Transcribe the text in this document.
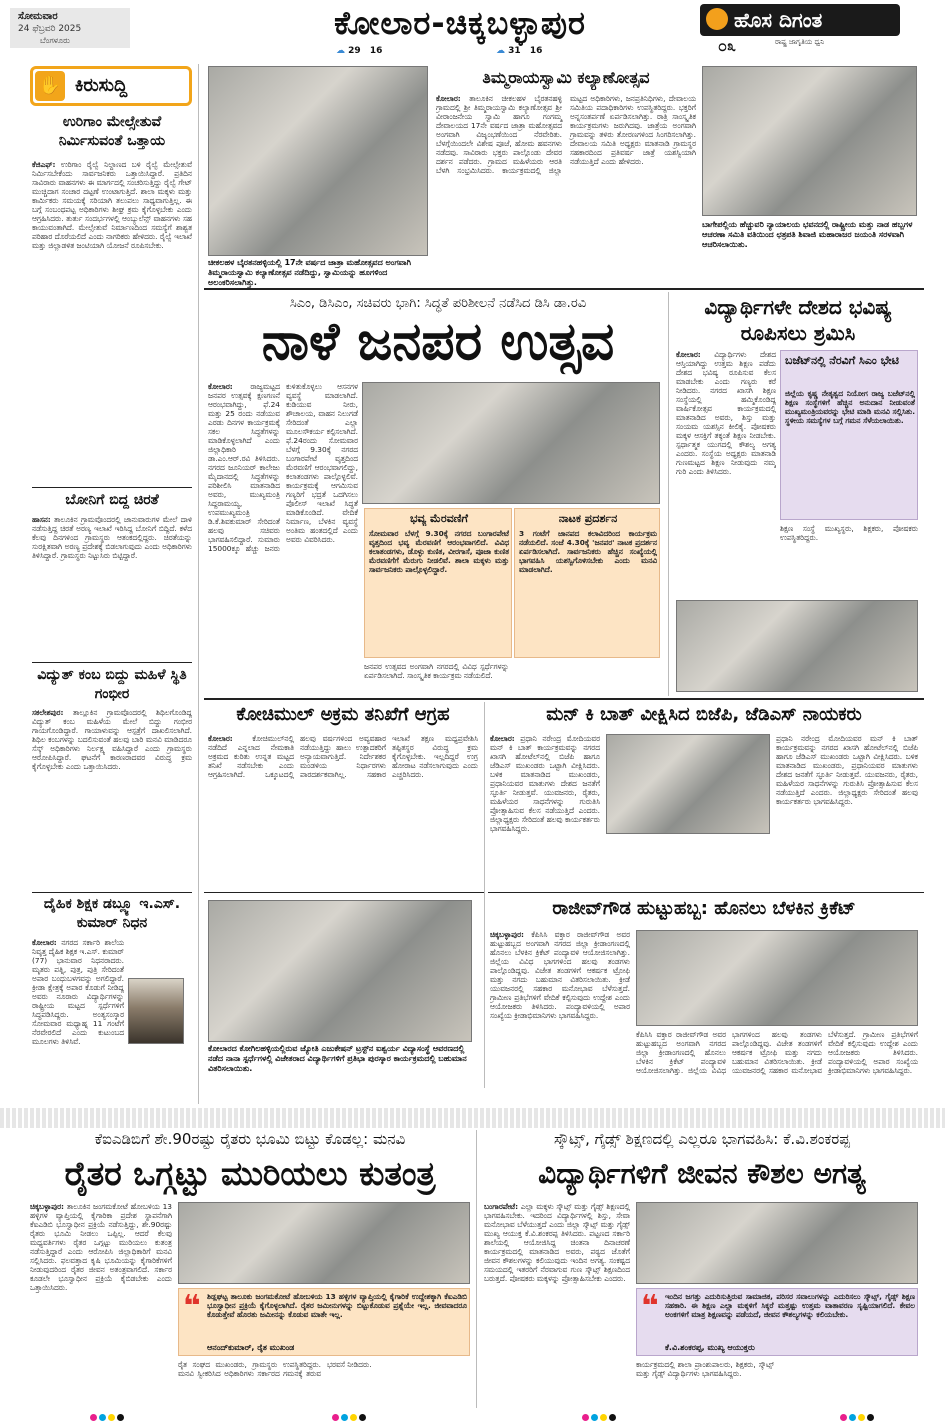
ಸೋಮವಾರ
24 ಫೆಬ್ರವರಿ 2025
ಬೆಂಗಳೂರು	ಕೋಲಾರ-ಚಿಕ್ಕಬಳ್ಳಾಪುರ
☁ 29 16	☁ 31 16
ಹೊಸ ದಿಗಂತ
ರಾಷ್ಟ್ರ ಜಾಗೃತಿಯ ಧ್ವನಿ
೦೩
✋ ಕಿರುಸುದ್ದಿ
ಉರಿಗಾಂ ಮೇಲ್ಸೇತುವೆ ನಿರ್ಮಿಸುವಂತೆ ಒತ್ತಾಯ
ಕೆಜಿಎಫ್: ಉರಿಗಾಂ ರೈಲ್ವೆ ನಿಲ್ದಾಣದ ಬಳಿ ರೈಲ್ವೆ ಮೇಲ್ಸೇತುವೆ ನಿರ್ಮಿಸಬೇಕೆಂದು ಸಾರ್ವಜನಿಕರು ಒತ್ತಾಯಿಸಿದ್ದಾರೆ. ಪ್ರತಿದಿನ ಸಾವಿರಾರು ವಾಹನಗಳು ಈ ಮಾರ್ಗದಲ್ಲಿ ಸಂಚರಿಸುತ್ತಿದ್ದು ರೈಲ್ವೆ ಗೇಟ್ ಮುಚ್ಚಿದಾಗ ಸಂಚಾರ ದಟ್ಟಣೆ ಉಂಟಾಗುತ್ತಿದೆ. ಶಾಲಾ ಮಕ್ಕಳು ಮತ್ತು ಕಾರ್ಮಿಕರು ಸಮಯಕ್ಕೆ ಸರಿಯಾಗಿ ತಲುಪಲು ಸಾಧ್ಯವಾಗುತ್ತಿಲ್ಲ. ಈ ಬಗ್ಗೆ ಸಂಬಂಧಪಟ್ಟ ಅಧಿಕಾರಿಗಳು ಶೀಘ್ರ ಕ್ರಮ ಕೈಗೊಳ್ಳಬೇಕು ಎಂದು ಆಗ್ರಹಿಸಿದರು. ತುರ್ತು ಸಂದರ್ಭಗಳಲ್ಲಿ ಆಂಬ್ಯುಲೆನ್ಸ್ ವಾಹನಗಳು ಸಹ ಕಾಯುವಂತಾಗಿದೆ. ಮೇಲ್ಸೇತುವೆ ನಿರ್ಮಾಣದಿಂದ ಸಮಸ್ಯೆಗೆ ಶಾಶ್ವತ ಪರಿಹಾರ ದೊರೆಯಲಿದೆ ಎಂದು ನಾಗರಿಕರು ಹೇಳಿದರು. ರೈಲ್ವೆ ಇಲಾಖೆ ಮತ್ತು ಜಿಲ್ಲಾಡಳಿತ ಜಂಟಿಯಾಗಿ ಯೋಜನೆ ರೂಪಿಸಬೇಕು.
ಬೋನಿಗೆ ಬಿದ್ದ ಚಿರತೆ
ಹಾಸನ: ತಾಲೂಕಿನ ಗ್ರಾಮವೊಂದರಲ್ಲಿ ಜಾನುವಾರುಗಳ ಮೇಲೆ ದಾಳಿ ನಡೆಸುತ್ತಿದ್ದ ಚಿರತೆ ಅರಣ್ಯ ಇಲಾಖೆ ಇರಿಸಿದ್ದ ಬೋನಿಗೆ ಬಿದ್ದಿದೆ. ಕಳೆದ ಕೆಲವು ದಿನಗಳಿಂದ ಗ್ರಾಮಸ್ಥರು ಆತಂಕದಲ್ಲಿದ್ದರು. ಚಿರತೆಯನ್ನು ಸುರಕ್ಷಿತವಾಗಿ ಅರಣ್ಯ ಪ್ರದೇಶಕ್ಕೆ ಬಿಡಲಾಗುವುದು ಎಂದು ಅಧಿಕಾರಿಗಳು ತಿಳಿಸಿದ್ದಾರೆ. ಗ್ರಾಮಸ್ಥರು ನಿಟ್ಟುಸಿರು ಬಿಟ್ಟಿದ್ದಾರೆ.
ವಿದ್ಯುತ್ ಕಂಬ ಬಿದ್ದು ಮಹಿಳೆ ಸ್ಥಿತಿ ಗಂಭೀರ
ಸಕಲೇಶಪುರ: ತಾಲ್ಲೂಕಿನ ಗ್ರಾಮವೊಂದರಲ್ಲಿ ಶಿಥಿಲಗೊಂಡಿದ್ದ ವಿದ್ಯುತ್ ಕಂಬ ಮಹಿಳೆಯ ಮೇಲೆ ಬಿದ್ದು ಗಂಭೀರ ಗಾಯಗೊಂಡಿದ್ದಾರೆ. ಗಾಯಾಳುವನ್ನು ಆಸ್ಪತ್ರೆಗೆ ದಾಖಲಿಸಲಾಗಿದೆ. ಶಿಥಿಲ ಕಂಬಗಳನ್ನು ಬದಲಿಸುವಂತೆ ಹಲವು ಬಾರಿ ಮನವಿ ಮಾಡಿದರೂ ಸೆಸ್ಕ್ ಅಧಿಕಾರಿಗಳು ನಿರ್ಲಕ್ಷ್ಯ ವಹಿಸಿದ್ದಾರೆ ಎಂದು ಗ್ರಾಮಸ್ಥರು ಆರೋಪಿಸಿದ್ದಾರೆ. ಘಟನೆಗೆ ಕಾರಣರಾದವರ ವಿರುದ್ಧ ಕ್ರಮ ಕೈಗೊಳ್ಳಬೇಕು ಎಂದು ಒತ್ತಾಯಿಸಿದರು.
ದೈಹಿಕ ಶಿಕ್ಷಕ ಡಬ್ಲ್ಯೂ ಇ.ಎಸ್. ಕುಮಾರ್ ನಿಧನ
ಕೋಲಾರ: ನಗರದ ಸರ್ಕಾರಿ ಶಾಲೆಯ ನಿವೃತ್ತ ದೈಹಿಕ ಶಿಕ್ಷಕ ಇ.ಎಸ್. ಕುಮಾರ್ (77) ಭಾನುವಾರ ನಿಧನರಾದರು. ಮೃತರು ಪತ್ನಿ, ಪುತ್ರ, ಪುತ್ರಿ ಸೇರಿದಂತೆ ಅಪಾರ ಬಂಧುಬಳಗವನ್ನು ಅಗಲಿದ್ದಾರೆ. ಕ್ರೀಡಾ ಕ್ಷೇತ್ರಕ್ಕೆ ಅಪಾರ ಕೊಡುಗೆ ನೀಡಿದ್ದ ಅವರು ನೂರಾರು ವಿದ್ಯಾರ್ಥಿಗಳನ್ನು ರಾಷ್ಟ್ರೀಯ ಮಟ್ಟದ ಸ್ಪರ್ಧೆಗಳಿಗೆ ಸಿದ್ಧಪಡಿಸಿದ್ದರು. ಅಂತ್ಯಸಂಸ್ಕಾರ ಸೋಮವಾರ ಮಧ್ಯಾಹ್ನ 11 ಗಂಟೆಗೆ ನೆರವೇರಲಿದೆ ಎಂದು ಕುಟುಂಬದ ಮೂಲಗಳು ತಿಳಿಸಿವೆ.
ಚೀಕಲಹಳ ಬೈರತನಹಳ್ಳಿಯಲ್ಲಿ 17ನೇ ವರ್ಷದ ಜಾತ್ರಾ ಮಹೋತ್ಸವದ ಅಂಗವಾಗಿ ತಿಮ್ಮರಾಯಸ್ವಾಮಿ ಕಲ್ಯಾಣೋತ್ಸವ ನಡೆದಿದ್ದು, ಸ್ವಾಮಿಯನ್ನು ಹೂಗಳಿಂದ ಅಲಂಕರಿಸಲಾಗಿತ್ತು.
ತಿಮ್ಮರಾಯಸ್ವಾಮಿ ಕಲ್ಯಾಣೋತ್ಸವ
ಕೋಲಾರ: ತಾಲೂಕಿನ ಚೀಕಲಹಳ ಬೈರತನಹಳ್ಳಿ ಗ್ರಾಮದಲ್ಲಿ ಶ್ರೀ ತಿಮ್ಮರಾಯಸ್ವಾಮಿ ಕಲ್ಯಾಣೋತ್ಸವ ಶ್ರೀ ವೀರಾಂಜನೇಯ ಸ್ವಾಮಿ ಹಾಗೂ ಗಂಗಮ್ಮ ದೇವಾಲಯದ 17ನೇ ವರ್ಷದ ಜಾತ್ರಾ ಮಹೋತ್ಸವದ ಅಂಗವಾಗಿ ವಿಜೃಂಭಣೆಯಿಂದ ನೆರವೇರಿತು. ಬೆಳಗ್ಗೆಯಿಂದಲೇ ವಿಶೇಷ ಪೂಜೆ, ಹೋಮ ಹವನಗಳು ನಡೆದವು. ಸಾವಿರಾರು ಭಕ್ತರು ಪಾಲ್ಗೊಂಡು ದೇವರ ದರ್ಶನ ಪಡೆದರು. ಗ್ರಾಮದ ಮಹಿಳೆಯರು ಆರತಿ ಬೆಳಗಿ ಸಂಭ್ರಮಿಸಿದರು. ಕಾರ್ಯಕ್ರಮದಲ್ಲಿ ಜಿಲ್ಲಾ ಮಟ್ಟದ ಅಧಿಕಾರಿಗಳು, ಜನಪ್ರತಿನಿಧಿಗಳು, ದೇವಾಲಯ ಸಮಿತಿಯ ಪದಾಧಿಕಾರಿಗಳು ಉಪಸ್ಥಿತರಿದ್ದರು. ಭಕ್ತರಿಗೆ ಅನ್ನಸಂತರ್ಪಣೆ ಏರ್ಪಡಿಸಲಾಗಿತ್ತು. ರಾತ್ರಿ ಸಾಂಸ್ಕೃತಿಕ ಕಾರ್ಯಕ್ರಮಗಳು ಜರುಗಿದವು. ಜಾತ್ರೆಯ ಅಂಗವಾಗಿ ಗ್ರಾಮವನ್ನು ತಳಿರು ತೋರಣಗಳಿಂದ ಸಿಂಗರಿಸಲಾಗಿತ್ತು. ದೇವಾಲಯ ಸಮಿತಿ ಅಧ್ಯಕ್ಷರು ಮಾತನಾಡಿ ಗ್ರಾಮಸ್ಥರ ಸಹಕಾರದಿಂದ ಪ್ರತಿವರ್ಷ ಜಾತ್ರೆ ಯಶಸ್ವಿಯಾಗಿ ನಡೆಯುತ್ತಿದೆ ಎಂದು ಹೇಳಿದರು.
ಬಾಗೇಪಲ್ಲಿಯ ಹೆಚ್ಚುವರಿ ನ್ಯಾಯಾಲಯ ಭವನದಲ್ಲಿ ರಾಷ್ಟ್ರೀಯ ಮತ್ತು ನಾಡ ಹಬ್ಬಗಳ ಆಚರಣಾ ಸಮಿತಿ ವತಿಯಿಂದ ಛತ್ರಪತಿ ಶಿವಾಜಿ ಮಹಾರಾಜರ ಜಯಂತಿ ಸರಳವಾಗಿ ಆಚರಿಸಲಾಯಿತು.
ಸಿಎಂ, ಡಿಸಿಎಂ, ಸಚಿವರು ಭಾಗಿ: ಸಿದ್ಧತೆ ಪರಿಶೀಲನೆ ನಡೆಸಿದ ಡಿಸಿ ಡಾ.ರವಿ
ನಾಳೆ ಜನಪರ ಉತ್ಸವ
ಕೋಲಾರ: ರಾಜ್ಯಮಟ್ಟದ ಜನಪರ ಉತ್ಸವಕ್ಕೆ ಕ್ಷಣಗಣನೆ ಆರಂಭವಾಗಿದ್ದು, ಫೆ.24 ಮತ್ತು 25 ರಂದು ನಡೆಯುವ ಎರಡು ದಿನಗಳ ಕಾರ್ಯಕ್ರಮಕ್ಕೆ ಸಕಲ ಸಿದ್ಧತೆಗಳನ್ನು ಮಾಡಿಕೊಳ್ಳಲಾಗಿದೆ ಎಂದು ಜಿಲ್ಲಾಧಿಕಾರಿ ಡಾ.ಎಂ.ಆರ್.ರವಿ ತಿಳಿಸಿದರು. ನಗರದ ಜೂನಿಯರ್ ಕಾಲೇಜು ಮೈದಾನದಲ್ಲಿ ಸಿದ್ಧತೆಗಳನ್ನು ಪರಿಶೀಲಿಸಿ ಮಾತನಾಡಿದ ಅವರು, ಮುಖ್ಯಮಂತ್ರಿ ಸಿದ್ದರಾಮಯ್ಯ, ಉಪಮುಖ್ಯಮಂತ್ರಿ ಡಿ.ಕೆ.ಶಿವಕುಮಾರ್ ಸೇರಿದಂತೆ ಹಲವು ಸಚಿವರು ಭಾಗವಹಿಸಲಿದ್ದಾರೆ. ಸುಮಾರು 15000ಕ್ಕೂ ಹೆಚ್ಚು ಜನರು ಕುಳಿತುಕೊಳ್ಳಲು ಆಸನಗಳ ವ್ಯವಸ್ಥೆ ಮಾಡಲಾಗಿದೆ. ಕುಡಿಯುವ ನೀರು, ಶೌಚಾಲಯ, ವಾಹನ ನಿಲುಗಡೆ ಸೇರಿದಂತೆ ಎಲ್ಲಾ ಮೂಲಸೌಕರ್ಯ ಕಲ್ಪಿಸಲಾಗಿದೆ. ಫೆ.24ರಂದು ಸೋಮವಾರ ಬೆಳಗ್ಗೆ 9.30ಕ್ಕೆ ನಗರದ ಬಂಗಾರಪೇಟೆ ವೃತ್ತದಿಂದ ಮೆರವಣಿಗೆ ಆರಂಭವಾಗಲಿದ್ದು, ಕಲಾತಂಡಗಳು ಪಾಲ್ಗೊಳ್ಳಲಿವೆ. ಕಾರ್ಯಕ್ರಮಕ್ಕೆ ಆಗಮಿಸುವ ಗಣ್ಯರಿಗೆ ಭದ್ರತೆ ಒದಗಿಸಲು ಪೊಲೀಸ್ ಇಲಾಖೆ ಸಿದ್ಧತೆ ಮಾಡಿಕೊಂಡಿದೆ. ವೇದಿಕೆ ನಿರ್ಮಾಣ, ಬೆಳಕಿನ ವ್ಯವಸ್ಥೆ ಅಂತಿಮ ಹಂತದಲ್ಲಿದೆ ಎಂದು ಅವರು ವಿವರಿಸಿದರು.
ಭವ್ಯ ಮೆರವಣಿಗೆ
ಸೋಮವಾರ ಬೆಳಗ್ಗೆ 9.30ಕ್ಕೆ ನಗರದ ಬಂಗಾರಪೇಟೆ ವೃತ್ತದಿಂದ ಭವ್ಯ ಮೆರವಣಿಗೆ ಆರಂಭವಾಗಲಿದೆ. ವಿವಿಧ ಕಲಾತಂಡಗಳು, ಡೊಳ್ಳು ಕುಣಿತ, ವೀರಗಾಸೆ, ಪೂಜಾ ಕುಣಿತ ಮೆರವಣಿಗೆಗೆ ಮೆರುಗು ನೀಡಲಿವೆ. ಶಾಲಾ ಮಕ್ಕಳು ಮತ್ತು ಸಾರ್ವಜನಿಕರು ಪಾಲ್ಗೊಳ್ಳಲಿದ್ದಾರೆ.
ನಾಟಕ ಪ್ರದರ್ಶನ
3 ಗಂಟೆಗೆ ಜಾನಪದ ಕಲಾವಿದರಿಂದ ಕಾರ್ಯಕ್ರಮ ನಡೆಯಲಿದೆ. ಸಂಜೆ 4.30ಕ್ಕೆ 'ಜನಪರ' ನಾಟಕ ಪ್ರದರ್ಶನ ಏರ್ಪಡಿಸಲಾಗಿದೆ. ಸಾರ್ವಜನಿಕರು ಹೆಚ್ಚಿನ ಸಂಖ್ಯೆಯಲ್ಲಿ ಭಾಗವಹಿಸಿ ಯಶಸ್ವಿಗೊಳಿಸಬೇಕು ಎಂದು ಮನವಿ ಮಾಡಲಾಗಿದೆ.
ಜನಪರ ಉತ್ಸವದ ಅಂಗವಾಗಿ ನಗರದಲ್ಲಿ ವಿವಿಧ ಸ್ಪರ್ಧೆಗಳನ್ನು ಏರ್ಪಡಿಸಲಾಗಿದೆ. ಸಾಂಸ್ಕೃತಿಕ ಕಾರ್ಯಕ್ರಮ ನಡೆಯಲಿದೆ.
ವಿದ್ಯಾರ್ಥಿಗಳೇ ದೇಶದ ಭವಿಷ್ಯ ರೂಪಿಸಲು ಶ್ರಮಿಸಿ
ಕೋಲಾರ: ವಿದ್ಯಾರ್ಥಿಗಳು ದೇಶದ ಆಸ್ತಿಯಾಗಿದ್ದು ಉತ್ತಮ ಶಿಕ್ಷಣ ಪಡೆದು ದೇಶದ ಭವಿಷ್ಯ ರೂಪಿಸುವ ಕೆಲಸ ಮಾಡಬೇಕು ಎಂದು ಗಣ್ಯರು ಕರೆ ನೀಡಿದರು. ನಗರದ ಖಾಸಗಿ ಶಿಕ್ಷಣ ಸಂಸ್ಥೆಯಲ್ಲಿ ಹಮ್ಮಿಕೊಂಡಿದ್ದ ವಾರ್ಷಿಕೋತ್ಸವ ಕಾರ್ಯಕ್ರಮದಲ್ಲಿ ಮಾತನಾಡಿದ ಅವರು, ಶಿಸ್ತು ಮತ್ತು ಸಂಯಮ ಯಶಸ್ಸಿನ ಕೀಲಿಕೈ. ಪೋಷಕರು ಮಕ್ಕಳ ಆಸಕ್ತಿಗೆ ತಕ್ಕಂತೆ ಶಿಕ್ಷಣ ನೀಡಬೇಕು. ಸ್ಪರ್ಧಾತ್ಮಕ ಯುಗದಲ್ಲಿ ಕೌಶಲ್ಯ ಅಗತ್ಯ ಎಂದರು. ಸಂಸ್ಥೆಯ ಅಧ್ಯಕ್ಷರು ಮಾತನಾಡಿ ಗುಣಮಟ್ಟದ ಶಿಕ್ಷಣ ನೀಡುವುದು ನಮ್ಮ ಗುರಿ ಎಂದು ತಿಳಿಸಿದರು.
ಬಜೆಟ್‌ನಲ್ಲಿ ನೆರವಿಗೆ ಸಿಎಂ ಭೇಟಿ
ಜಿಲ್ಲೆಯ ಕೃಷ್ಣ ನೇತೃತ್ವದ ನಿಯೋಗ ರಾಜ್ಯ ಬಜೆಟ್‌ನಲ್ಲಿ ಶಿಕ್ಷಣ ಸಂಸ್ಥೆಗಳಿಗೆ ಹೆಚ್ಚಿನ ಅನುದಾನ ನೀಡುವಂತೆ ಮುಖ್ಯಮಂತ್ರಿಯವರನ್ನು ಭೇಟಿ ಮಾಡಿ ಮನವಿ ಸಲ್ಲಿಸಿತು. ಸ್ಥಳೀಯ ಸಮಸ್ಯೆಗಳ ಬಗ್ಗೆ ಗಮನ ಸೆಳೆಯಲಾಯಿತು.
ಶಿಕ್ಷಣ ಸಂಸ್ಥೆ ಮುಖ್ಯಸ್ಥರು, ಶಿಕ್ಷಕರು, ಪೋಷಕರು ಉಪಸ್ಥಿತರಿದ್ದರು.
ಕೋಚಿಮುಲ್ ಅಕ್ರಮ ತನಿಖೆಗೆ ಆಗ್ರಹ
ಕೋಲಾರ:	ಕೋಚಿಮುಲ್‌ನಲ್ಲಿ ನಡೆದಿದೆ ಎನ್ನಲಾದ ನೇಮಕಾತಿ ಅಕ್ರಮದ ಕುರಿತು ಉನ್ನತ ಮಟ್ಟದ ತನಿಖೆ ನಡೆಸಬೇಕು ಎಂದು ಆಗ್ರಹಿಸಲಾಗಿದೆ. ಒಕ್ಕೂಟದಲ್ಲಿ ಹಲವು ವರ್ಷಗಳಿಂದ ಅವ್ಯವಹಾರ ನಡೆಯುತ್ತಿದ್ದು ಹಾಲು ಉತ್ಪಾದಕರಿಗೆ ಅನ್ಯಾಯವಾಗುತ್ತಿದೆ. ನಿರ್ದೇಶಕರ ಮಂಡಳಿಯ ನಿರ್ಧಾರಗಳು ಪಾರದರ್ಶಕವಾಗಿಲ್ಲ. ಸಹಕಾರ ಇಲಾಖೆ ತಕ್ಷಣ ಮಧ್ಯಪ್ರವೇಶಿಸಿ ತಪ್ಪಿತಸ್ಥರ ವಿರುದ್ಧ ಕ್ರಮ ಕೈಗೊಳ್ಳಬೇಕು. ಇಲ್ಲದಿದ್ದರೆ ಉಗ್ರ ಹೋರಾಟ ನಡೆಸಲಾಗುವುದು ಎಂದು ಎಚ್ಚರಿಸಿದರು.
ಮನ್ ಕಿ ಬಾತ್ ವೀಕ್ಷಿಸಿದ ಬಿಜೆಪಿ, ಜೆಡಿಎಸ್ ನಾಯಕರು
ಕೋಲಾರ: ಪ್ರಧಾನಿ ನರೇಂದ್ರ ಮೋದಿಯವರ ಮನ್ ಕಿ ಬಾತ್ ಕಾರ್ಯಕ್ರಮವನ್ನು ನಗರದ ಖಾಸಗಿ ಹೋಟೆಲ್‌ನಲ್ಲಿ ಬಿಜೆಪಿ ಹಾಗೂ ಜೆಡಿಎಸ್ ಮುಖಂಡರು ಒಟ್ಟಾಗಿ ವೀಕ್ಷಿಸಿದರು. ಬಳಿಕ ಮಾತನಾಡಿದ ಮುಖಂಡರು, ಪ್ರಧಾನಿಯವರ ಮಾತುಗಳು ದೇಶದ ಜನತೆಗೆ ಸ್ಫೂರ್ತಿ ನೀಡುತ್ತವೆ. ಯುವಜನರು, ರೈತರು, ಮಹಿಳೆಯರ ಸಾಧನೆಗಳನ್ನು ಗುರುತಿಸಿ ಪ್ರೋತ್ಸಾಹಿಸುವ ಕೆಲಸ ನಡೆಯುತ್ತಿದೆ ಎಂದರು. ಜಿಲ್ಲಾಧ್ಯಕ್ಷರು ಸೇರಿದಂತೆ ಹಲವು ಕಾರ್ಯಕರ್ತರು ಭಾಗವಹಿಸಿದ್ದರು.
ಪ್ರಧಾನಿ ನರೇಂದ್ರ ಮೋದಿಯವರ ಮನ್ ಕಿ ಬಾತ್ ಕಾರ್ಯಕ್ರಮವನ್ನು ನಗರದ ಖಾಸಗಿ ಹೋಟೆಲ್‌ನಲ್ಲಿ ಬಿಜೆಪಿ ಹಾಗೂ ಜೆಡಿಎಸ್ ಮುಖಂಡರು ಒಟ್ಟಾಗಿ ವೀಕ್ಷಿಸಿದರು. ಬಳಿಕ ಮಾತನಾಡಿದ ಮುಖಂಡರು, ಪ್ರಧಾನಿಯವರ ಮಾತುಗಳು ದೇಶದ ಜನತೆಗೆ ಸ್ಫೂರ್ತಿ ನೀಡುತ್ತವೆ. ಯುವಜನರು, ರೈತರು, ಮಹಿಳೆಯರ ಸಾಧನೆಗಳನ್ನು ಗುರುತಿಸಿ ಪ್ರೋತ್ಸಾಹಿಸುವ ಕೆಲಸ ನಡೆಯುತ್ತಿದೆ ಎಂದರು. ಜಿಲ್ಲಾಧ್ಯಕ್ಷರು ಸೇರಿದಂತೆ ಹಲವು ಕಾರ್ಯಕರ್ತರು ಭಾಗವಹಿಸಿದ್ದರು.
ಕೋಲಾರದ ಕೋಗಿಲಹಳ್ಳಿಯಲ್ಲಿರುವ ಜ್ಯೋತಿ ಎಜುಕೇಷನ್ ಟ್ರಸ್ಟ್‌ನ ಐಶ್ವರ್ಯ ವಿದ್ಯಾಸಂಸ್ಥೆ ಆವರಣದಲ್ಲಿ ನಡೆದ ನಾನಾ ಸ್ಪರ್ಧೆಗಳಲ್ಲಿ ವಿಜೇತರಾದ ವಿದ್ಯಾರ್ಥಿಗಳಿಗೆ ಪ್ರತಿಭಾ ಪುರಸ್ಕಾರ ಕಾರ್ಯಕ್ರಮದಲ್ಲಿ ಬಹುಮಾನ ವಿತರಿಸಲಾಯಿತು.
ರಾಜೀವ್‌ಗೌಡ ಹುಟ್ಟುಹಬ್ಬ: ಹೊನಲು ಬೆಳಕಿನ ಕ್ರಿಕೆಟ್
ಚಿಕ್ಕಬಳ್ಳಾಪುರ: ಕೆಪಿಸಿಸಿ ವಕ್ತಾರ ರಾಜೀವ್‌ಗೌಡ ಅವರ ಹುಟ್ಟುಹಬ್ಬದ ಅಂಗವಾಗಿ ನಗರದ ಜಿಲ್ಲಾ ಕ್ರೀಡಾಂಗಣದಲ್ಲಿ ಹೊನಲು ಬೆಳಕಿನ ಕ್ರಿಕೆಟ್ ಪಂದ್ಯಾವಳಿ ಆಯೋಜಿಸಲಾಗಿತ್ತು. ಜಿಲ್ಲೆಯ ವಿವಿಧ ಭಾಗಗಳಿಂದ ಹಲವು ತಂಡಗಳು ಪಾಲ್ಗೊಂಡಿದ್ದವು. ವಿಜೇತ ತಂಡಗಳಿಗೆ ಆಕರ್ಷಕ ಟ್ರೋಫಿ ಮತ್ತು ನಗದು ಬಹುಮಾನ ವಿತರಿಸಲಾಯಿತು. ಕ್ರೀಡೆ ಯುವಜನರಲ್ಲಿ ಸಹಕಾರ ಮನೋಭಾವ ಬೆಳೆಸುತ್ತದೆ. ಗ್ರಾಮೀಣ ಪ್ರತಿಭೆಗಳಿಗೆ ವೇದಿಕೆ ಕಲ್ಪಿಸುವುದು ಉದ್ದೇಶ ಎಂದು ಆಯೋಜಕರು ತಿಳಿಸಿದರು. ಪಂದ್ಯಾವಳಿಯಲ್ಲಿ ಅಪಾರ ಸಂಖ್ಯೆಯ ಕ್ರೀಡಾಭಿಮಾನಿಗಳು ಭಾಗವಹಿಸಿದ್ದರು.
ಕೆಪಿಸಿಸಿ ವಕ್ತಾರ ರಾಜೀವ್‌ಗೌಡ ಅವರ ಹುಟ್ಟುಹಬ್ಬದ ಅಂಗವಾಗಿ ನಗರದ ಜಿಲ್ಲಾ ಕ್ರೀಡಾಂಗಣದಲ್ಲಿ ಹೊನಲು ಬೆಳಕಿನ ಕ್ರಿಕೆಟ್ ಪಂದ್ಯಾವಳಿ ಆಯೋಜಿಸಲಾಗಿತ್ತು. ಜಿಲ್ಲೆಯ ವಿವಿಧ ಭಾಗಗಳಿಂದ ಹಲವು ತಂಡಗಳು ಪಾಲ್ಗೊಂಡಿದ್ದವು. ವಿಜೇತ ತಂಡಗಳಿಗೆ ಆಕರ್ಷಕ ಟ್ರೋಫಿ ಮತ್ತು ನಗದು ಬಹುಮಾನ ವಿತರಿಸಲಾಯಿತು. ಕ್ರೀಡೆ ಯುವಜನರಲ್ಲಿ ಸಹಕಾರ ಮನೋಭಾವ ಬೆಳೆಸುತ್ತದೆ. ಗ್ರಾಮೀಣ ಪ್ರತಿಭೆಗಳಿಗೆ ವೇದಿಕೆ ಕಲ್ಪಿಸುವುದು ಉದ್ದೇಶ ಎಂದು ಆಯೋಜಕರು ತಿಳಿಸಿದರು. ಪಂದ್ಯಾವಳಿಯಲ್ಲಿ ಅಪಾರ ಸಂಖ್ಯೆಯ ಕ್ರೀಡಾಭಿಮಾನಿಗಳು ಭಾಗವಹಿಸಿದ್ದರು.
ಕೆಐಎಡಿಬಿಗೆ ಶೇ.90ರಷ್ಟು ರೈತರು ಭೂಮಿ ಬಿಟ್ಟು ಕೊಡಲ್ಲ: ಮನವಿ
ರೈತರ ಒಗ್ಗಟ್ಟು ಮುರಿಯಲು ಕುತಂತ್ರ
ಚಿಕ್ಕಬಳ್ಳಾಪುರ: ತಾಲೂಕಿನ ಜಂಗಮಕೋಟೆ ಹೋಬಳಿಯ 13 ಹಳ್ಳಿಗಳ ವ್ಯಾಪ್ತಿಯಲ್ಲಿ ಕೈಗಾರಿಕಾ ಪ್ರದೇಶ ಸ್ಥಾಪನೆಗಾಗಿ ಕೆಐಎಡಿಬಿ ಭೂಸ್ವಾಧೀನ ಪ್ರಕ್ರಿಯೆ ನಡೆಸುತ್ತಿದ್ದು, ಶೇ.90ರಷ್ಟು ರೈತರು ಭೂಮಿ ನೀಡಲು ಒಪ್ಪಿಲ್ಲ. ಆದರೆ ಕೆಲವು ಮಧ್ಯವರ್ತಿಗಳು ರೈತರ ಒಗ್ಗಟ್ಟು ಮುರಿಯಲು ಕುತಂತ್ರ ನಡೆಸುತ್ತಿದ್ದಾರೆ ಎಂದು ಆರೋಪಿಸಿ ಜಿಲ್ಲಾಧಿಕಾರಿಗೆ ಮನವಿ ಸಲ್ಲಿಸಿದರು. ಫಲವತ್ತಾದ ಕೃಷಿ ಭೂಮಿಯನ್ನು ಕೈಗಾರಿಕೆಗಳಿಗೆ ನೀಡುವುದರಿಂದ ರೈತರ ಜೀವನ ಅತಂತ್ರವಾಗಲಿದೆ. ಸರ್ಕಾರ ಕೂಡಲೇ ಭೂಸ್ವಾಧೀನ ಪ್ರಕ್ರಿಯೆ ಕೈಬಿಡಬೇಕು ಎಂದು ಒತ್ತಾಯಿಸಿದರು.
❝ ಶಿಡ್ಲಘಟ್ಟ ತಾಲೂಕು ಜಂಗಮಕೋಟೆ ಹೋಬಳಿಯ 13 ಹಳ್ಳಿಗಳ ವ್ಯಾಪ್ತಿಯಲ್ಲಿ ಕೈಗಾರಿಕೆ ಉದ್ದೇಶಕ್ಕಾಗಿ ಕೆಐಎಡಿಬಿ ಭೂಸ್ವಾಧೀನ ಪ್ರಕ್ರಿಯೆ ಕೈಗೊಳ್ಳಲಾಗಿದೆ. ರೈತರ ಜಮೀನುಗಳನ್ನು ಬಿಟ್ಟುಕೊಡುವ ಪ್ರಶ್ನೆಯೇ ಇಲ್ಲ. ಜೀವವಾದರೂ ಕೊಡುತ್ತೇವೆ ಹೊರತು ಜಮೀನನ್ನು ಕೊಡುವ ಮಾತೇ ಇಲ್ಲ.
ಆನಂದ್‌ಕುಮಾರ್, ರೈತ ಮುಖಂಡ
ರೈತ ಸಂಘದ ಮುಖಂಡರು, ಗ್ರಾಮಸ್ಥರು ಉಪಸ್ಥಿತರಿದ್ದರು. ಮನವಿ ಸ್ವೀಕರಿಸಿದ ಅಧಿಕಾರಿಗಳು ಸರ್ಕಾರದ ಗಮನಕ್ಕೆ ತರುವ ಭರವಸೆ ನೀಡಿದರು.
ಸ್ಕೌಟ್ಸ್, ಗೈಡ್ಸ್ ಶಿಕ್ಷಣದಲ್ಲಿ ಎಲ್ಲರೂ ಭಾಗವಹಿಸಿ: ಕೆ.ವಿ.ಶಂಕರಪ್ಪ
ವಿದ್ಯಾರ್ಥಿಗಳಿಗೆ ಜೀವನ ಕೌಶಲ ಅಗತ್ಯ
ಬಂಗಾರಪೇಟೆ: ಎಲ್ಲಾ ಮಕ್ಕಳು ಸ್ಕೌಟ್ಸ್ ಮತ್ತು ಗೈಡ್ಸ್ ಶಿಕ್ಷಣದಲ್ಲಿ ಭಾಗವಹಿಸಬೇಕು. ಇದರಿಂದ ವಿದ್ಯಾರ್ಥಿಗಳಲ್ಲಿ ಶಿಸ್ತು, ಸೇವಾ ಮನೋಭಾವ ಬೆಳೆಯುತ್ತದೆ ಎಂದು ಜಿಲ್ಲಾ ಸ್ಕೌಟ್ಸ್ ಮತ್ತು ಗೈಡ್ಸ್ ಮುಖ್ಯ ಆಯುಕ್ತ ಕೆ.ವಿ.ಶಂಕರಪ್ಪ ತಿಳಿಸಿದರು. ಪಟ್ಟಣದ ಸರ್ಕಾರಿ ಶಾಲೆಯಲ್ಲಿ ಆಯೋಜಿಸಿದ್ದ ಚಿಂತನಾ ದಿನಾಚರಣೆ ಕಾರ್ಯಕ್ರಮದಲ್ಲಿ ಮಾತನಾಡಿದ ಅವರು, ಪಠ್ಯದ ಜೊತೆಗೆ ಜೀವನ ಕೌಶಲಗಳನ್ನು ಕಲಿಯುವುದು ಇಂದಿನ ಅಗತ್ಯ. ಸಂಕಷ್ಟದ ಸಮಯದಲ್ಲಿ ಇತರರಿಗೆ ನೆರವಾಗುವ ಗುಣ ಸ್ಕೌಟ್ಸ್ ಶಿಕ್ಷಣದಿಂದ ಬರುತ್ತದೆ. ಪೋಷಕರು ಮಕ್ಕಳನ್ನು ಪ್ರೋತ್ಸಾಹಿಸಬೇಕು ಎಂದರು.
❝ ಇಂದಿನ ಜಗತ್ತು ಎದುರಿಸುತ್ತಿರುವ ಸಾಮಾಜಿಕ, ಪರಿಸರ ಸವಾಲುಗಳನ್ನು ಎದುರಿಸಲು ಸ್ಕೌಟ್ಸ್, ಗೈಡ್ಸ್ ಶಿಕ್ಷಣ ಸಹಕಾರಿ. ಈ ಶಿಕ್ಷಣ ಎಲ್ಲಾ ಮಕ್ಕಳಿಗೆ ಸಿಕ್ಕರೆ ಮತ್ತಷ್ಟು ಉತ್ತಮ ವಾತಾವರಣ ಸೃಷ್ಟಿಯಾಗಲಿದೆ. ಕೇವಲ ಅಂಕಗಳಿಗೆ ಮಾತ್ರ ಶಿಕ್ಷಣವನ್ನು ಪಡೆಯದೆ, ಜೀವನ ಕೌಶಲ್ಯಗಳನ್ನು ಕಲಿಯಬೇಕು.
ಕೆ.ವಿ.ಶಂಕರಪ್ಪ, ಮುಖ್ಯ ಆಯುಕ್ತರು
ಕಾರ್ಯಕ್ರಮದಲ್ಲಿ ಶಾಲಾ ಪ್ರಾಂಶುಪಾಲರು, ಶಿಕ್ಷಕರು, ಸ್ಕೌಟ್ಸ್ ಮತ್ತು ಗೈಡ್ಸ್ ವಿದ್ಯಾರ್ಥಿಗಳು ಭಾಗವಹಿಸಿದ್ದರು.
